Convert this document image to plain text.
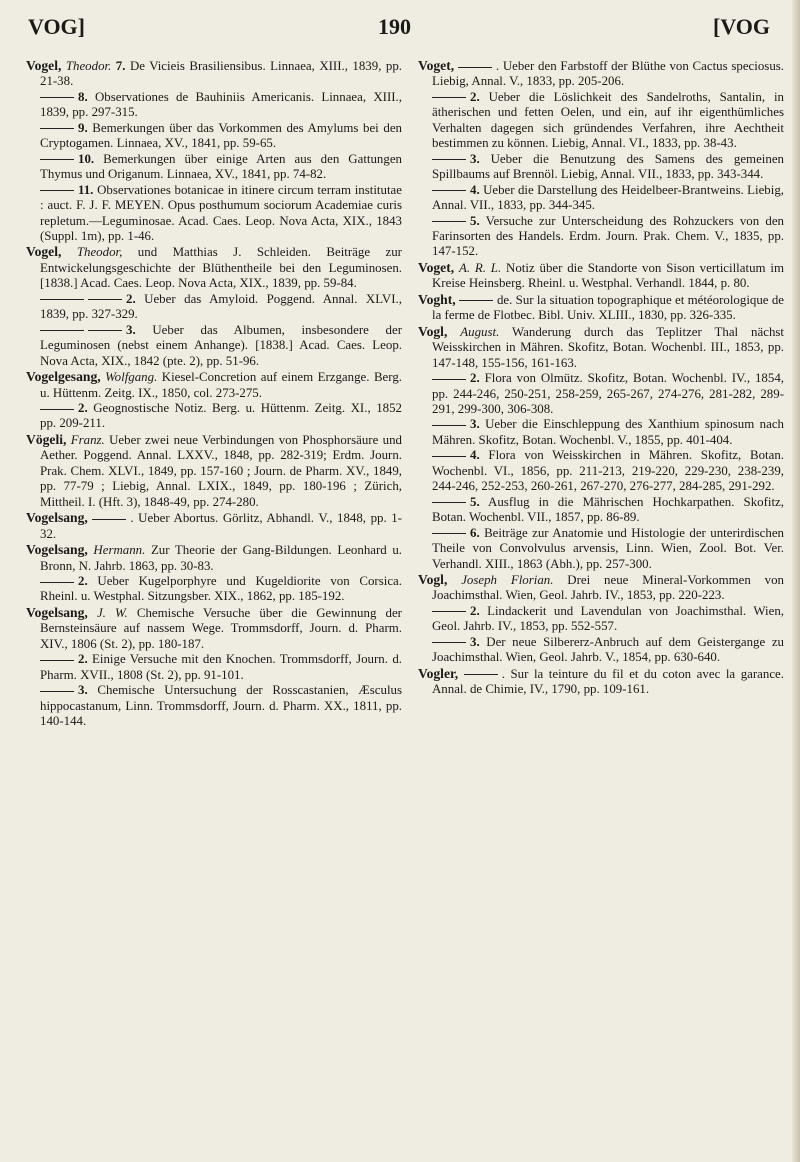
VOG]	190	[VOG

Vogel, Theodor. 7. De Vicieis Brasiliensibus. Linnaea, XIII., 1839, pp. 21-38.

8. Observationes de Bauhiniis Americanis. Linnaea, XIII., 1839, pp. 297-315.

9. Bemerkungen über das Vorkommen des Amylums bei den Cryptogamen. Linnaea, XV., 1841, pp. 59-65.

10. Bemerkungen über einige Arten aus den Gattungen Thymus und Origanum. Linnaea, XV., 1841, pp. 74-82.

11. Observationes botanicae in itinere circum terram institutae : auct. F. J. F. MEYEN. Opus posthumum sociorum Academiae curis repletum.—Leguminosae. Acad. Caes. Leop. Nova Acta, XIX., 1843 (Suppl. 1m), pp. 1-46.

Vogel, Theodor, und Matthias J. Schleiden. Beiträge zur Entwickelungsgeschichte der Blüthentheile bei den Leguminosen. [1838.] Acad. Caes. Leop. Nova Acta, XIX., 1839, pp. 59-84.

2. Ueber das Amyloid. Poggend. Annal. XLVI., 1839, pp. 327-329.

3. Ueber das Albumen, insbesondere der Leguminosen (nebst einem Anhange). [1838.] Acad. Caes. Leop. Nova Acta, XIX., 1842 (pte. 2), pp. 51-96.

Vogelgesang, Wolfgang. Kiesel-Concretion auf einem Erzgange. Berg. u. Hüttenm. Zeitg. IX., 1850, col. 273-275.

2. Geognostische Notiz. Berg. u. Hüttenm. Zeitg. XI., 1852 pp. 209-211.

Vögeli, Franz. Ueber zwei neue Verbindungen von Phosphorsäure und Aether. Poggend. Annal. LXXV., 1848, pp. 282-319; Erdm. Journ. Prak. Chem. XLVI., 1849, pp. 157-160 ; Journ. de Pharm. XV., 1849, pp. 77-79 ; Liebig, Annal. LXIX., 1849, pp. 180-196 ; Zürich, Mittheil. I. (Hft. 3), 1848-49, pp. 274-280.

Vogelsang,	. Ueber Abortus. Görlitz, Abhandl. V., 1848, pp. 1-32.

Vogelsang, Hermann. Zur Theorie der Gang-Bildungen. Leonhard u. Bronn, N. Jahrb. 1863, pp. 30-83.

2. Ueber Kugelporphyre und Kugeldiorite von Corsica. Rheinl. u. Westphal. Sitzungsber. XIX., 1862, pp. 185-192.

Vogelsang, J. W. Chemische Versuche über die Gewinnung der Bernsteinsäure auf nassem Wege. Trommsdorff, Journ. d. Pharm. XIV., 1806 (St. 2), pp. 180-187.

2. Einige Versuche mit den Knochen. Trommsdorff, Journ. d. Pharm. XVII., 1808 (St. 2), pp. 91-101.

3. Chemische Untersuchung der Rosscastanien, Æsculus hippocastanum, Linn. Trommsdorff, Journ. d. Pharm. XX., 1811, pp. 140-144.

Voget,	. Ueber den Farbstoff der Blüthe von Cactus speciosus. Liebig, Annal. V., 1833, pp. 205-206.

2. Ueber die Löslichkeit des Sandelroths, Santalin, in ätherischen und fetten Oelen, und ein, auf ihr eigenthümliches Verhalten dagegen sich gründendes Verfahren, ihre Aechtheit bestimmen zu können. Liebig, Annal. VI., 1833, pp. 38-43.

3. Ueber die Benutzung des Samens des gemeinen Spillbaums auf Brennöl. Liebig, Annal. VII., 1833, pp. 343-344.

4. Ueber die Darstellung des Heidelbeer-Brantweins. Liebig, Annal. VII., 1833, pp. 344-345.

5. Versuche zur Unterscheidung des Rohzuckers von den Farinsorten des Handels. Erdm. Journ. Prak. Chem. V., 1835, pp. 147-152.

Voget, A. R. L. Notiz über die Standorte von Sison verticillatum im Kreise Heinsberg. Rheinl. u. Westphal. Verhandl. 1844, p. 80.

Voght,	de. Sur la situation topographique et météorologique de la ferme de Flotbec. Bibl. Univ. XLIII., 1830, pp. 326-335.

Vogl, August. Wanderung durch das Teplitzer Thal nächst Weisskirchen in Mähren. Skofitz, Botan. Wochenbl. III., 1853, pp. 147-148, 155-156, 161-163.

2. Flora von Olmütz. Skofitz, Botan. Wochenbl. IV., 1854, pp. 244-246, 250-251, 258-259, 265-267, 274-276, 281-282, 289-291, 299-300, 306-308.

3. Ueber die Einschleppung des Xanthium spinosum nach Mähren. Skofitz, Botan. Wochenbl. V., 1855, pp. 401-404.

4. Flora von Weisskirchen in Mähren. Skofitz, Botan. Wochenbl. VI., 1856, pp. 211-213, 219-220, 229-230, 238-239, 244-246, 252-253, 260-261, 267-270, 276-277, 284-285, 291-292.

5. Ausflug in die Mährischen Hochkarpathen. Skofitz, Botan. Wochenbl. VII., 1857, pp. 86-89.

6. Beiträge zur Anatomie und Histologie der unterirdischen Theile von Convolvulus arvensis, Linn. Wien, Zool. Bot. Ver. Verhandl. XIII., 1863 (Abh.), pp. 257-300.

Vogl, Joseph Florian. Drei neue Mineral-Vorkommen von Joachimsthal. Wien, Geol. Jahrb. IV., 1853, pp. 220-223.

2. Lindackerit und Lavendulan von Joachimsthal. Wien, Geol. Jahrb. IV., 1853, pp. 552-557.

3. Der neue Silbererz-Anbruch auf dem Geistergange zu Joachimsthal. Wien, Geol. Jahrb. V., 1854, pp. 630-640.

Vogler,	. Sur la teinture du fil et du coton avec la garance. Annal. de Chimie, IV., 1790, pp. 109-161.
